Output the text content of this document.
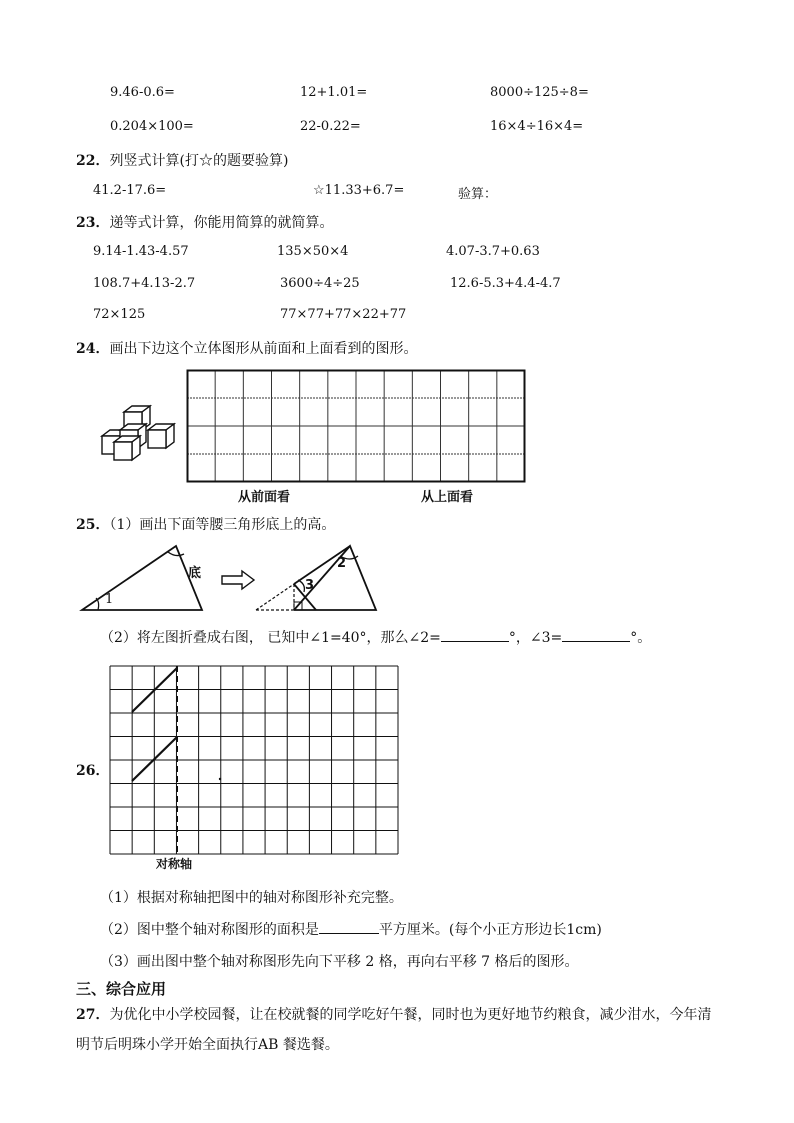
9.46-0.6=	12+1.01=	8000÷125÷8=
0.204×100=	22-0.22=	16×4÷16×4=
22．列竖式计算(打☆的题要验算)
41.2-17.6=	☆11.33+6.7=	验算：
23．递等式计算，你能用简算的就简算。
9.14-1.43-4.57	135×50×4	4.07-3.7+0.63
108.7+4.13-2.7	3600÷4÷25	12.6-5.3+4.4-4.7
72×125	77×77+77×22+77
24．画出下边这个立体图形从前面和上面看到的图形。
从前面看	从上面看
25．（1）画出下面等腰三角形底上的高。
底
1
2
3
（2）将左图折叠成右图， 已知中∠1=40°，那么∠2=	°，∠3=	°。
26．
对称轴
（1）根据对称轴把图中的轴对称图形补充完整。
（2）图中整个轴对称图形的面积是	平方厘米。(每个小正方形边长1cm)
（3）画出图中整个轴对称图形先向下平移 2 格，再向右平移 7 格后的图形。
三、综合应用
27．为优化中小学校园餐，让在校就餐的同学吃好午餐，同时也为更好地节约粮食，减少泔水，今年清
明节后明珠小学开始全面执行AB 餐选餐。
